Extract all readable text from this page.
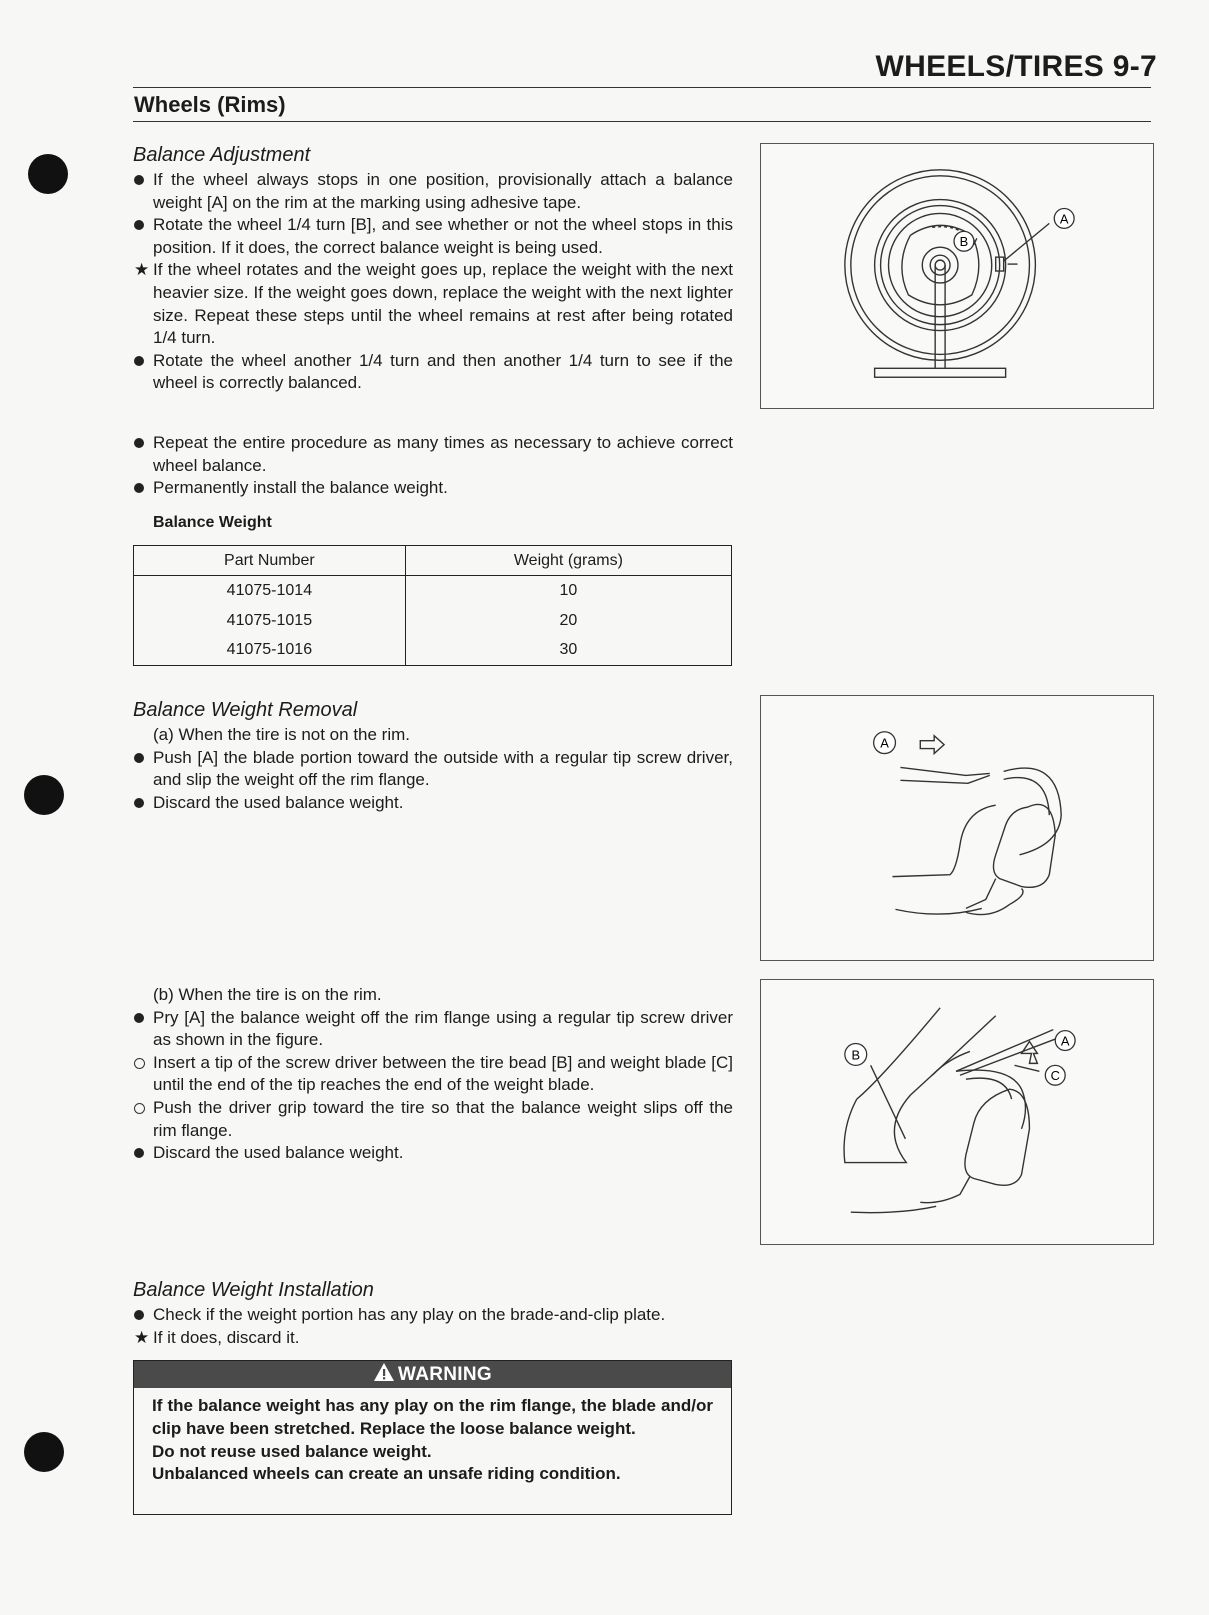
WHEELS/TIRES 9-7
Wheels (Rims)
Balance Adjustment
If the wheel always stops in one position, provisionally attach a balance weight [A] on the rim at the marking using adhesive tape.
Rotate the wheel 1/4 turn [B], and see whether or not the wheel stops in this position. If it does, the correct balance weight is being used.
★ If the wheel rotates and the weight goes up, replace the weight with the next heavier size. If the weight goes down, replace the weight with the next lighter size. Repeat these steps until the wheel remains at rest after being rotated 1/4 turn.
Rotate the wheel another 1/4 turn and then another 1/4 turn to see if the wheel is correctly balanced.
Repeat the entire procedure as many times as necessary to achieve correct wheel balance.
Permanently install the balance weight.
Balance Weight
Part Number	Weight (grams)
41075-1014	10
41075-1015	20
41075-1016	30
Balance Weight Removal
(a) When the tire is not on the rim.
Push [A] the blade portion toward the outside with a regular tip screw driver, and slip the weight off the rim flange.
Discard the used balance weight.
(b) When the tire is on the rim.
Pry [A] the balance weight off the rim flange using a regular tip screw driver as shown in the figure.
Insert a tip of the screw driver between the tire bead [B] and weight blade [C] until the end of the tip reaches the end of the weight blade.
Push the driver grip toward the tire so that the balance weight slips off the rim flange.
Discard the used balance weight.
Balance Weight Installation
Check if the weight portion has any play on the brade-and-clip plate.
★ If it does, discard it.
WARNING

If the balance weight has any play on the rim flange, the blade and/or clip have been stretched. Replace the loose balance weight.

Do not reuse used balance weight.
Unbalanced wheels can create an unsafe riding condition.
A
B
A
B
A
C
